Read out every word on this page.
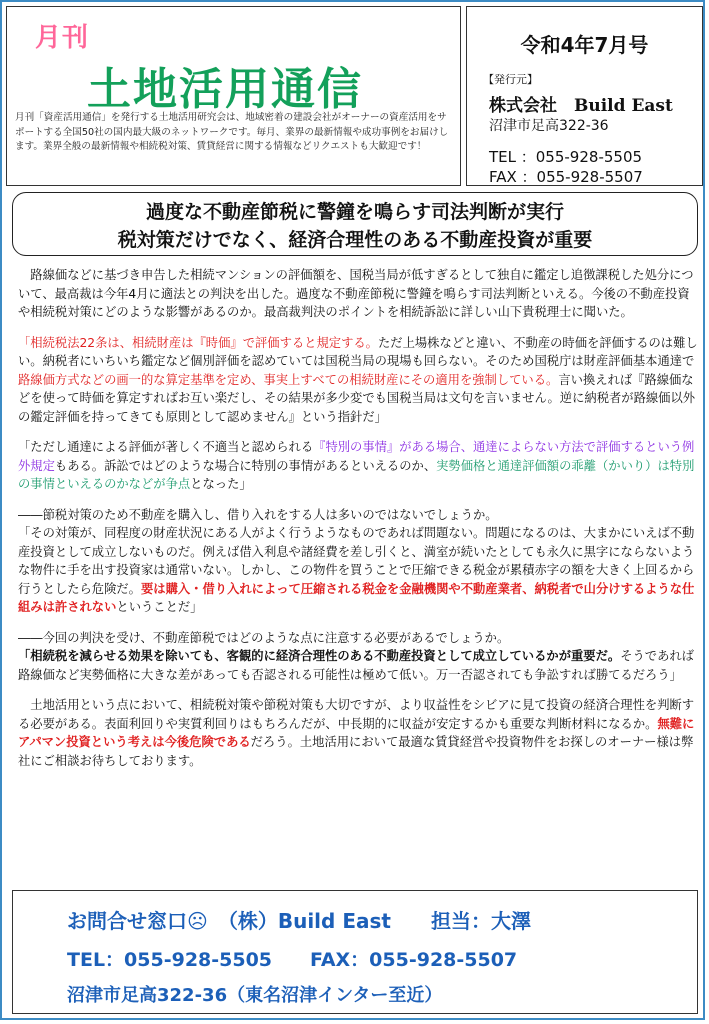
月刊
土地活用通信
月刊「資産活用通信」を発行する土地活用研究会は、地域密着の建設会社がオーナーの資産活用をサポートする全国50社の国内最大級のネットワークです。毎月、業界の最新情報や成功事例をお届けします。業界全般の最新情報や相続税対策、賃貸経営に関する情報などリクエストも大歓迎です！
令和4年7月号
【発行元】
株式会社　Build East
沼津市足高322-36
TEL ：055-928-5505
FAX ：055-928-5507
過度な不動産節税に警鐘を鳴らす司法判断が実行
税対策だけでなく、経済合理性のある不動産投資が重要

　路線価などに基づき申告した相続マンションの評価額を、国税当局が低すぎるとして独自に鑑定し追徴課税した処分について、最高裁は今年4月に適法との判決を出した。過度な不動産節税に警鐘を鳴らす司法判断といえる。今後の不動産投資や相続税対策にどのような影響があるのか。最高裁判決のポイントを相続訴訟に詳しい山下貴税理士に聞いた。

「相続税法22条は、相続財産は『時価』で評価すると規定する。ただ上場株などと違い、不動産の時価を評価するのは難しい。納税者にいちいち鑑定など個別評価を認めていては国税当局の現場も回らない。そのため国税庁は財産評価基本通達で路線価方式などの画一的な算定基準を定め、事実上すべての相続財産にその適用を強制している。言い換えれば『路線価などを使って時価を算定すればお互い楽だし、その結果が多少変でも国税当局は文句を言いません。逆に納税者が路線価以外の鑑定評価を持ってきても原則として認めません』という指針だ」

「ただし通達による評価が著しく不適当と認められる『特別の事情』がある場合、通達によらない方法で評価するという例外規定もある。訴訟ではどのような場合に特別の事情があるといえるのか、実勢価格と通達評価額の乖離（かいり）は特別の事情といえるのかなどが争点となった」

――節税対策のため不動産を購入し、借り入れをする人は多いのではないでしょうか。
「その対策が、同程度の財産状況にある人がよく行うようなものであれば問題ない。問題になるのは、大まかにいえば不動産投資として成立しないものだ。例えば借入利息や諸経費を差し引くと、満室が続いたとしても永久に黒字にならないような物件に手を出す投資家は通常いない。しかし、この物件を買うことで圧縮できる税金が累積赤字の額を大きく上回るから行うとしたら危険だ。要は購入・借り入れによって圧縮される税金を金融機関や不動産業者、納税者で山分けするような仕組みは許されないということだ」

――今回の判決を受け、不動産節税ではどのような点に注意する必要があるでしょうか。
「相続税を減らせる効果を除いても、客観的に経済合理性のある不動産投資として成立しているかが重要だ。そうであれば路線価など実勢価格に大きな差があっても否認される可能性は極めて低い。万一否認されても争訟すれば勝てるだろう」

　土地活用という点において、相続税対策や節税対策も大切ですが、より収益性をシビアに見て投資の経済合理性を判断する必要がある。表面利回りや実質利回りはもちろんだが、中長期的に収益が安定するかも重要な判断材料になるか。無難にアパマン投資という考えは今後危険であるだろう。土地活用において最適な賃貸経営や投資物件をお探しのオーナー様は弊社にご相談お待ちしております。

お問合せ窓口☹　（株）Build East　　担当：大澤
TEL：055-928-5505　　FAX：055-928-5507
沼津市足高322-36（東名沼津インター至近）
